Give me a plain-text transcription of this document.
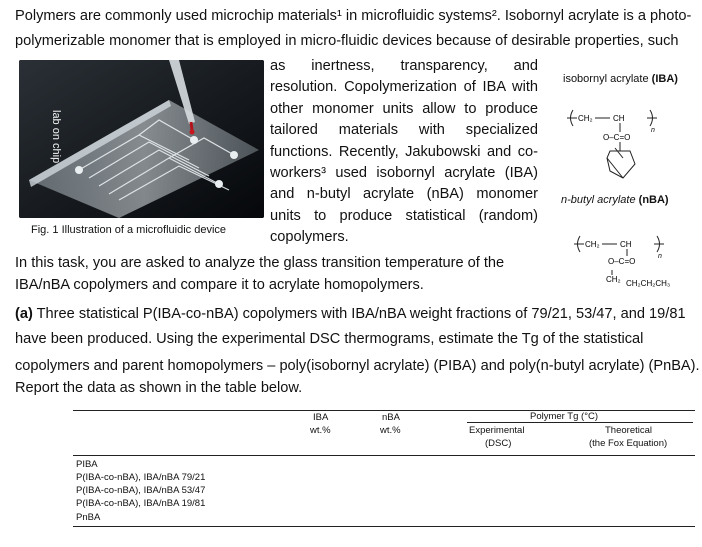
Polymers are commonly used microchip materials¹ in microfluidic systems². Isobornyl acrylate is a photo-
polymerizable monomer that is employed in micro-fluidic devices because of desirable properties, such
lab on chip
Fig. 1 Illustration of a microfluidic device
as inertness, transparency, and resolution. Copolymerization of IBA with other monomer units allow to produce tailored materials with specialized functions. Recently, Jakubowski and co-workers³ used isobornyl acrylate (IBA) and n-butyl acrylate (nBA) monomer units to produce statistical (random) copolymers.
isobornyl acrylate (IBA)
CH₂	CH
O–C=O
n
n-butyl acrylate (nBA)
CH₂	CH
O–C=O
n
CH₂ CH₂CH₂CH₃
In this task, you are asked to analyze the glass transition temperature of the
IBA/nBA copolymers and compare it to acrylate homopolymers.
(a) Three statistical P(IBA-co-nBA) copolymers with IBA/nBA weight fractions of 79/21, 53/47, and 19/81
have been produced. Using the experimental DSC thermograms, estimate the Tg of the statistical
copolymers and parent homopolymers – poly(isobornyl acrylate) (PIBA) and poly(n-butyl acrylate) (PnBA).
Report the data as shown in the table below.
IBA
wt.%
nBA
wt.%
Polymer Tg (°C)
Experimental
(DSC)
Theoretical
(the Fox Equation)
PIBA
P(IBA-co-nBA), IBA/nBA 79/21
P(IBA-co-nBA), IBA/nBA 53/47
P(IBA-co-nBA), IBA/nBA 19/81
PnBA
